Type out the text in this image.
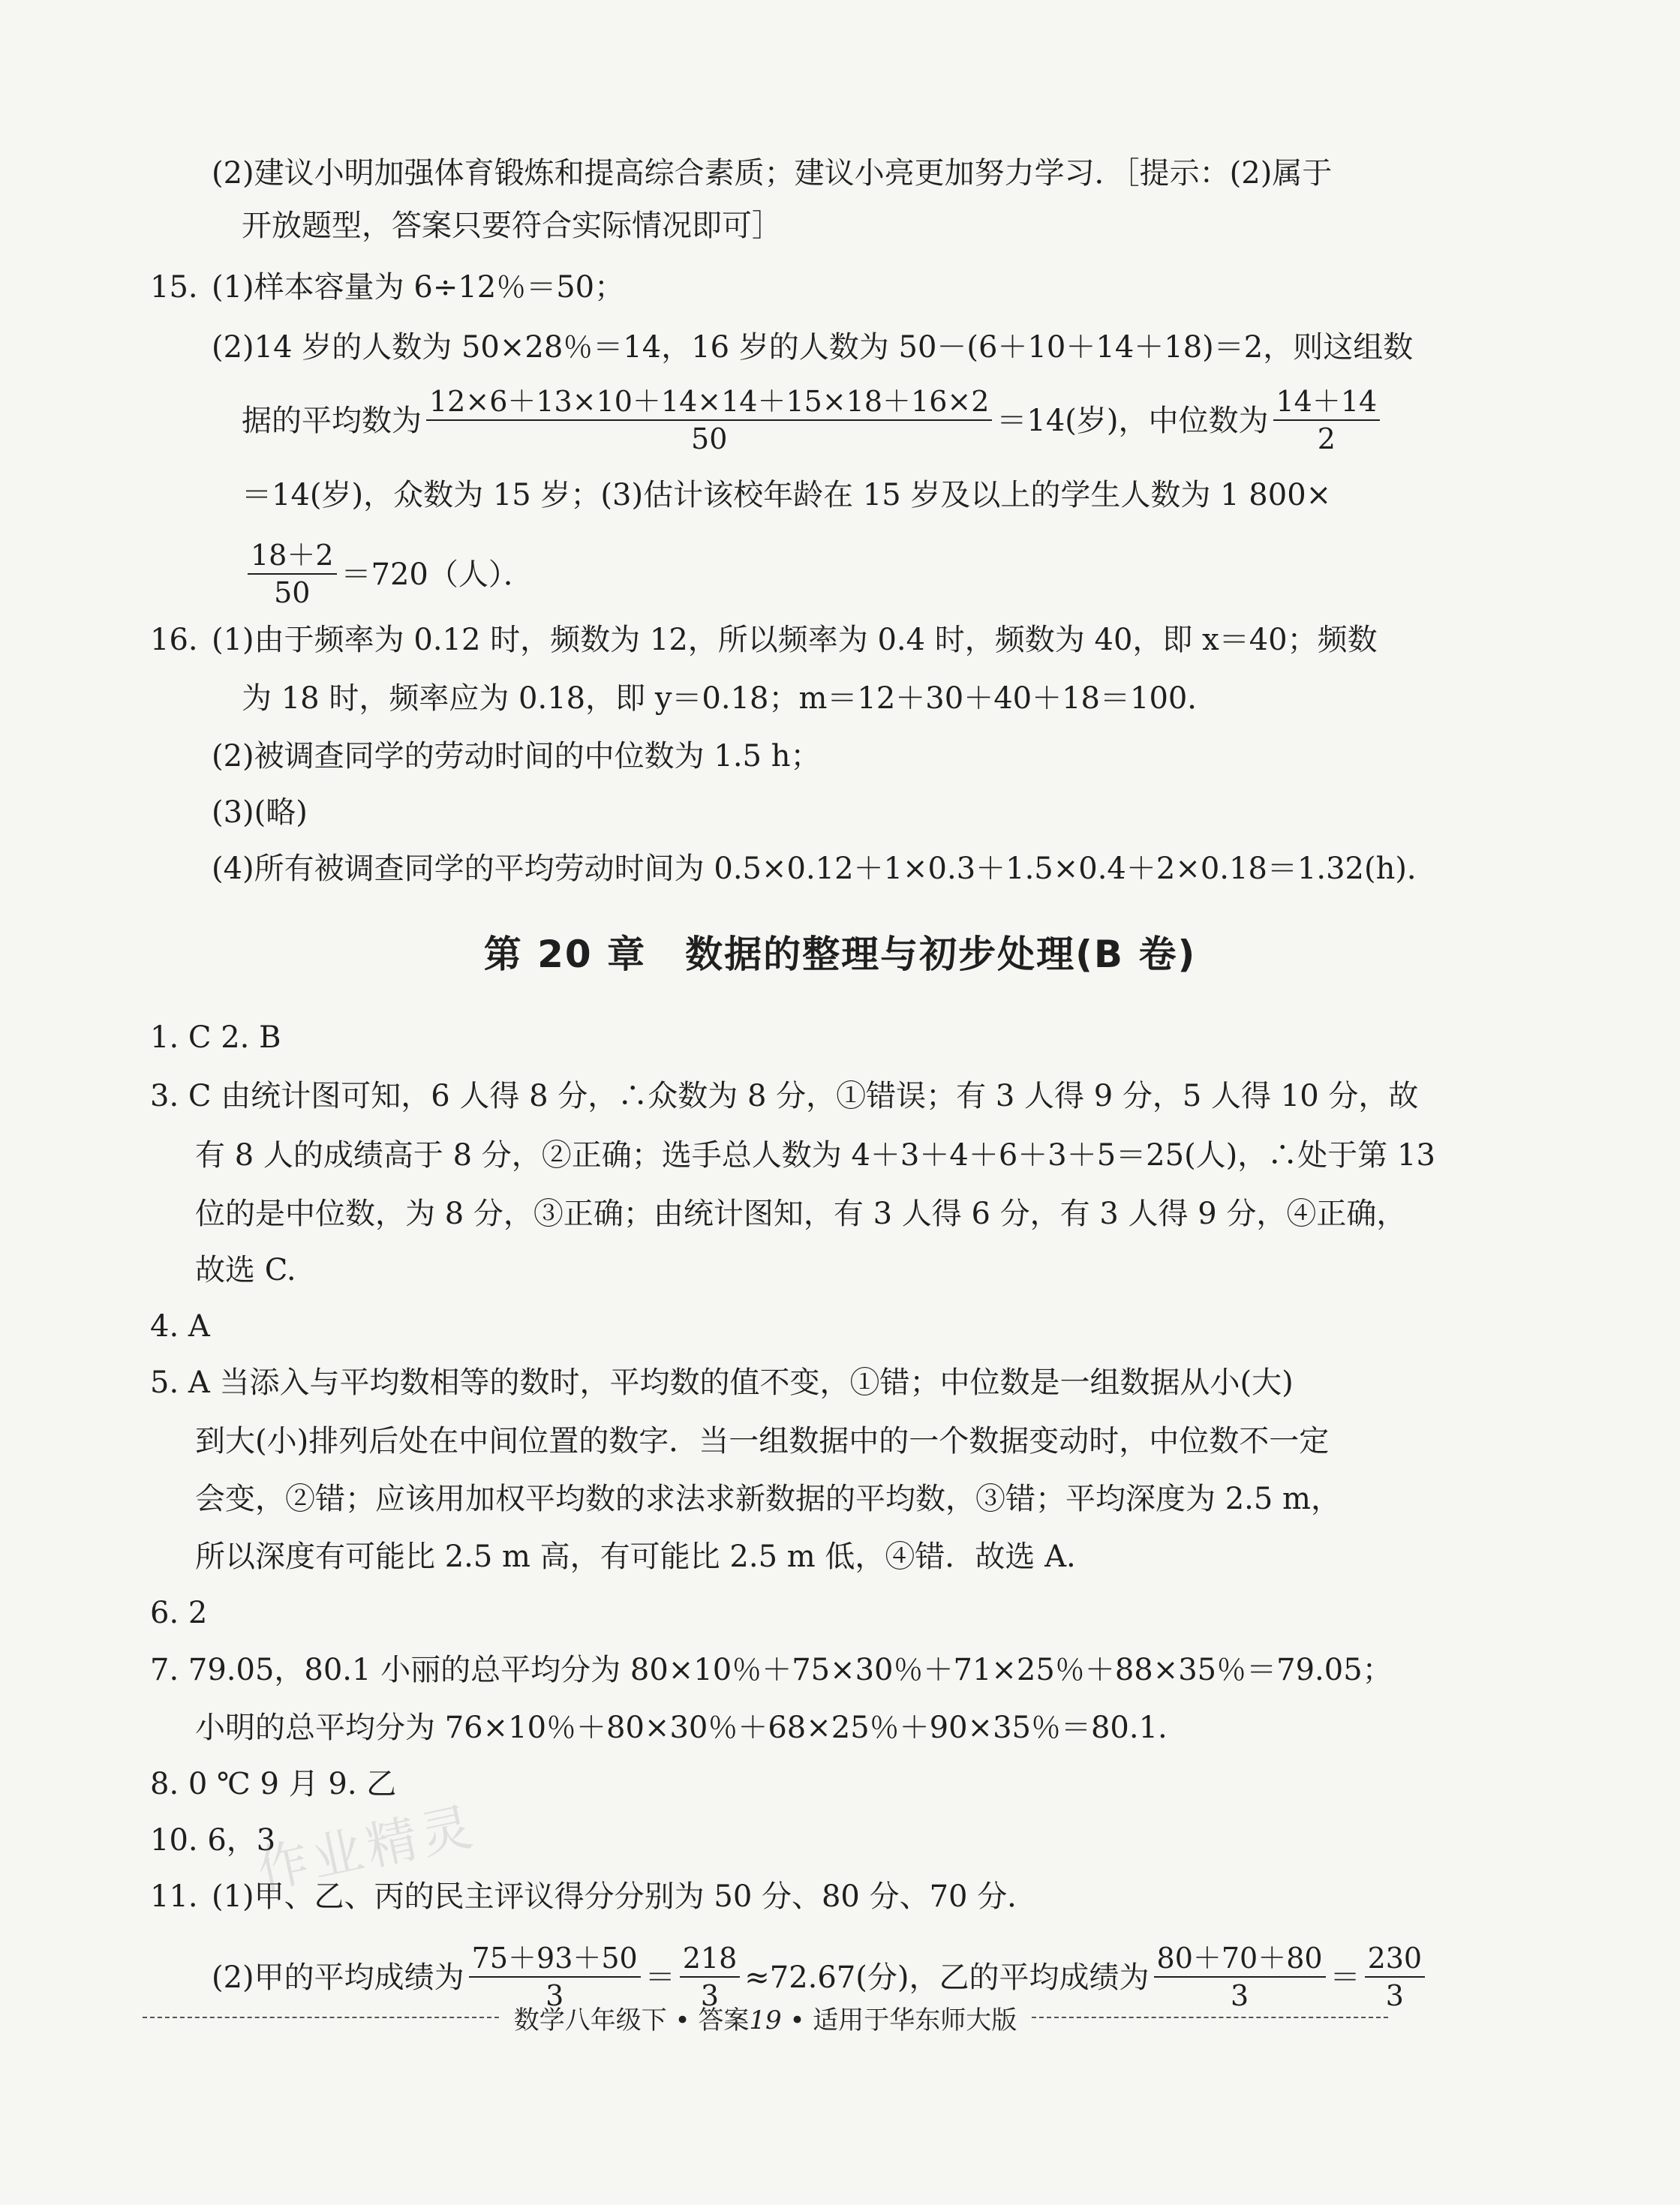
(2)建议小明加强体育锻炼和提高综合素质；建议小亮更加努力学习．［提示：(2)属于
开放题型，答案只要符合实际情况即可］
15. (1)样本容量为 6÷12％＝50；
(2)14 岁的人数为 50×28％＝14，16 岁的人数为 50－(6＋10＋14＋18)＝2，则这组数
据的平均数为 $\frac{12\times 6+13\times 10+14\times 14+15\times 18+16\times 2}{50} =14$(岁)，中位数为 $\frac{14+14}{2}$
＝14(岁)，众数为 15 岁；(3)估计该校年龄在 15 岁及以上的学生人数为 1 800×
$\frac{18+2}{50} =720$（人）．
16. (1)由于频率为 0.12 时，频数为 12，所以频率为 0.4 时，频数为 40，即 x＝40；频数
为 18 时，频率应为 0.18，即 y＝0.18；m＝12＋30＋40＋18＝100．
(2)被调查同学的劳动时间的中位数为 1.5 h；
(3)(略)
(4)所有被调查同学的平均劳动时间为 0.5×0.12＋1×0.3＋1.5×0.4＋2×0.18＝1.32(h)．
第 20 章　数据的整理与初步处理(B 卷)
1. C 2. B
3. C 由统计图可知，6 人得 8 分，∴众数为 8 分，①错误；有 3 人得 9 分，5 人得 10 分，故
有 8 人的成绩高于 8 分，②正确；选手总人数为 4＋3＋4＋6＋3＋5＝25(人)，∴处于第 13
位的是中位数，为 8 分，③正确；由统计图知，有 3 人得 6 分，有 3 人得 9 分，④正确，
故选 C.
4. A
5. A 当添入与平均数相等的数时，平均数的值不变，①错；中位数是一组数据从小(大)
到大(小)排列后处在中间位置的数字．当一组数据中的一个数据变动时，中位数不一定
会变，②错；应该用加权平均数的求法求新数据的平均数，③错；平均深度为 2.5 m，
所以深度有可能比 2.5 m 高，有可能比 2.5 m 低，④错．故选 A.
6. 2
7. 79.05，80.1 小丽的总平均分为 80×10％＋75×30％＋71×25％＋88×35％＝79.05；
小明的总平均分为 76×10％＋80×30％＋68×25％＋90×35％＝80.1.
8. 0 ℃ 9 月 9. 乙
10. 6，3
11. (1)甲、乙、丙的民主评议得分分别为 50 分、80 分、70 分．
(2)甲的平均成绩为 $\frac{75+93+50}{3} = \frac{218}{3} \approx 72.67$(分)，乙的平均成绩为 $\frac{80+70+80}{3} = \frac{230}{3}$
作业精灵
数学八年级下 • 答案19 • 适用于华东师大版
